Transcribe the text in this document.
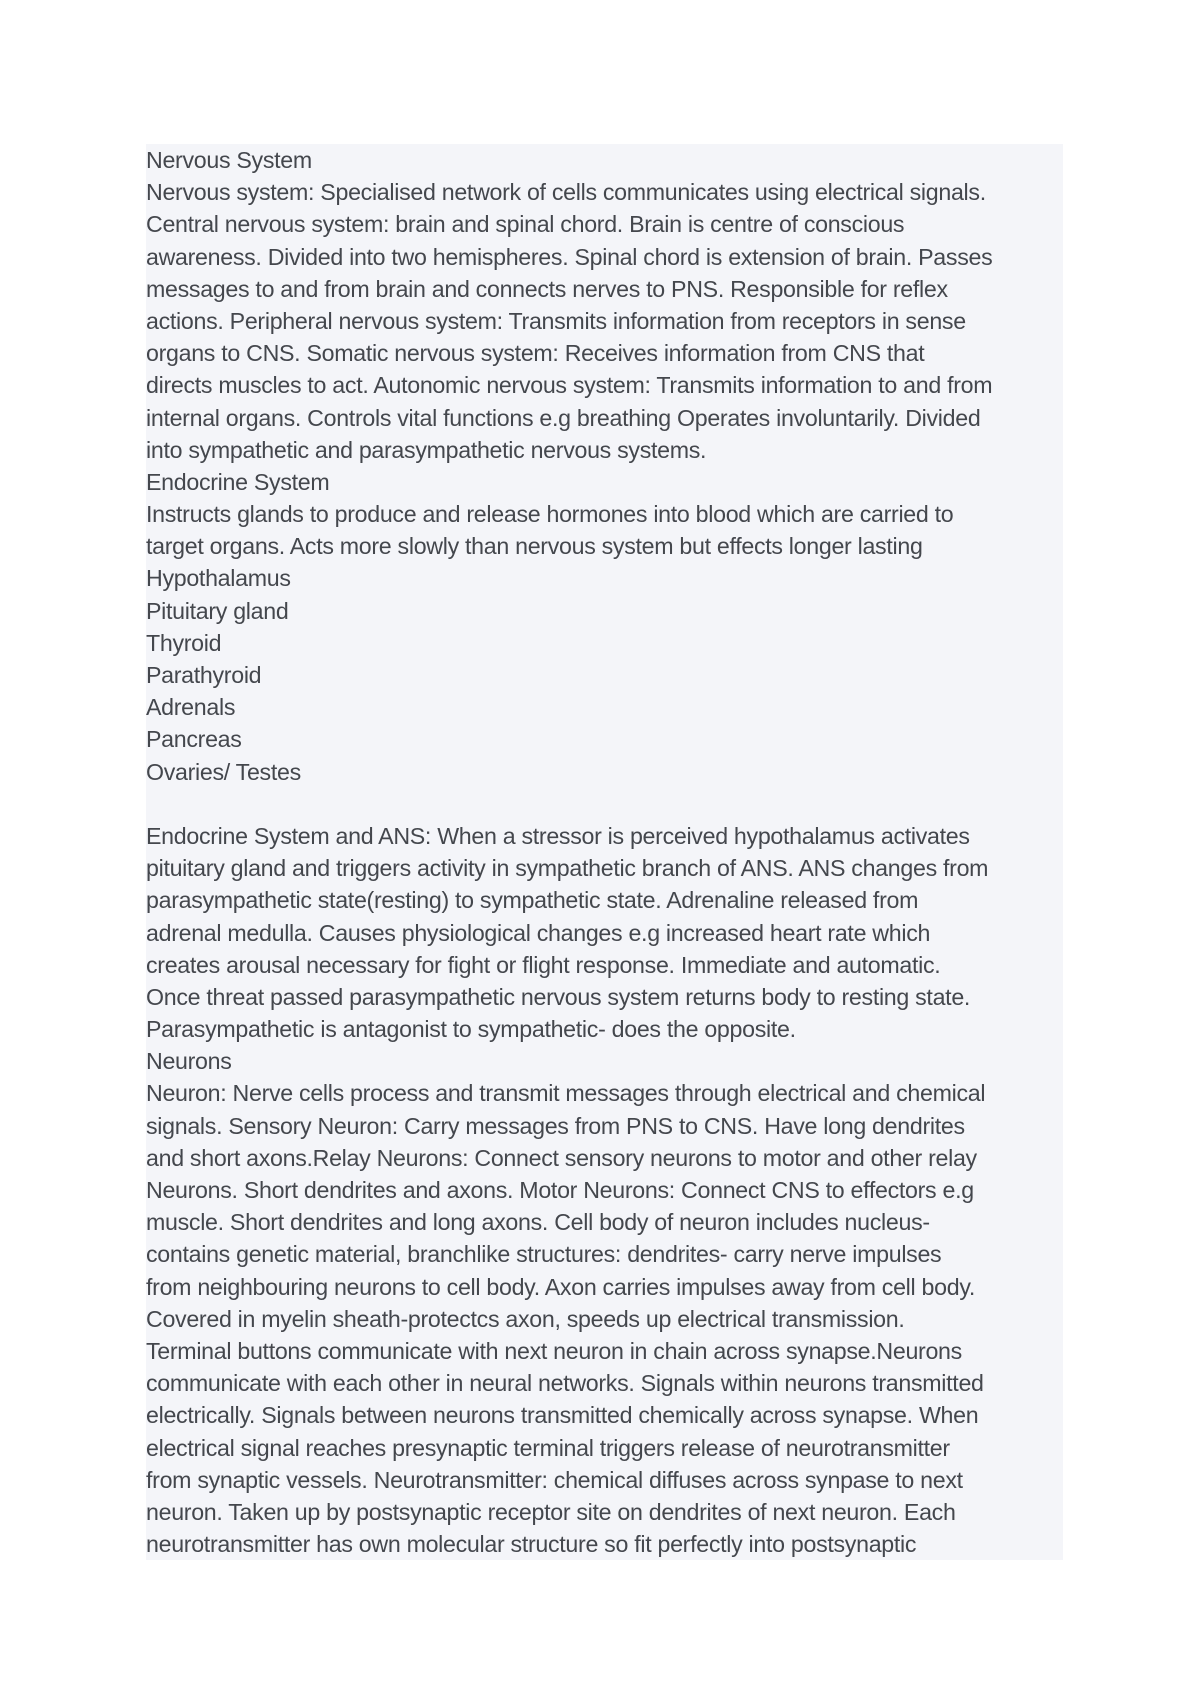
Nervous System
Nervous system: Specialised network of cells communicates using electrical signals.
Central nervous system: brain and spinal chord. Brain is centre of conscious
awareness. Divided into two hemispheres. Spinal chord is extension of brain. Passes
messages to and from brain and connects nerves to PNS. Responsible for reflex
actions. Peripheral nervous system: Transmits information from receptors in sense
organs to CNS. Somatic nervous system: Receives information from CNS that
directs muscles to act. Autonomic nervous system: Transmits information to and from
internal organs. Controls vital functions e.g breathing Operates involuntarily. Divided
into sympathetic and parasympathetic nervous systems.
Endocrine System
Instructs glands to produce and release hormones into blood which are carried to
target organs. Acts more slowly than nervous system but effects longer lasting
Hypothalamus
Pituitary gland
Thyroid
Parathyroid
Adrenals
Pancreas
Ovaries/ Testes
Endocrine System and ANS: When a stressor is perceived hypothalamus activates
pituitary gland and triggers activity in sympathetic branch of ANS. ANS changes from
parasympathetic state(resting) to sympathetic state. Adrenaline released from
adrenal medulla. Causes physiological changes e.g increased heart rate which
creates arousal necessary for fight or flight response. Immediate and automatic.
Once threat passed parasympathetic nervous system returns body to resting state.
Parasympathetic is antagonist to sympathetic- does the opposite.
Neurons
Neuron: Nerve cells process and transmit messages through electrical and chemical
signals. Sensory Neuron: Carry messages from PNS to CNS. Have long dendrites
and short axons.Relay Neurons: Connect sensory neurons to motor and other relay
Neurons. Short dendrites and axons. Motor Neurons: Connect CNS to effectors e.g
muscle. Short dendrites and long axons. Cell body of neuron includes nucleus-
contains genetic material, branchlike structures: dendrites- carry nerve impulses
from neighbouring neurons to cell body. Axon carries impulses away from cell body.
Covered in myelin sheath-protectcs axon, speeds up electrical transmission.
Terminal buttons communicate with next neuron in chain across synapse.Neurons
communicate with each other in neural networks. Signals within neurons transmitted
electrically. Signals between neurons transmitted chemically across synapse. When
electrical signal reaches presynaptic terminal triggers release of neurotransmitter
from synaptic vessels. Neurotransmitter: chemical diffuses across synpase to next
neuron. Taken up by postsynaptic receptor site on dendrites of next neuron. Each
neurotransmitter has own molecular structure so fit perfectly into postsynaptic
